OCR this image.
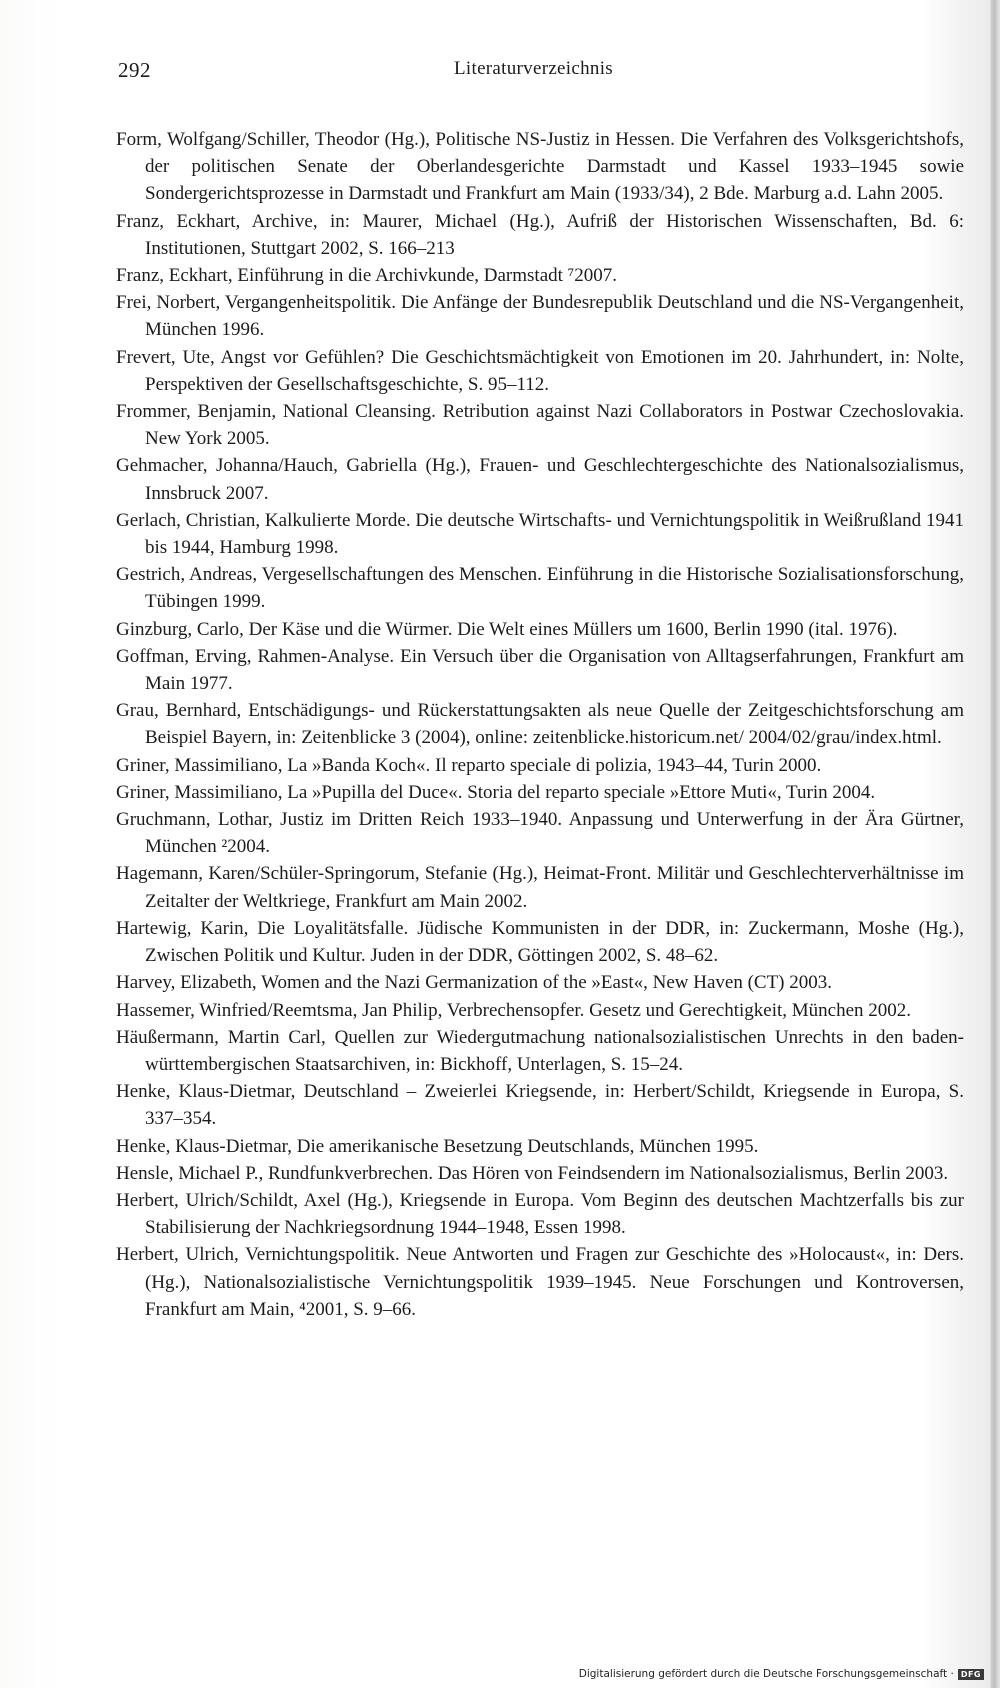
292	Literaturverzeichnis
Form, Wolfgang/Schiller, Theodor (Hg.), Politische NS-Justiz in Hessen. Die Verfahren des Volksgerichtshofs, der politischen Senate der Oberlandesgerichte Darmstadt und Kassel 1933–1945 sowie Sondergerichtsprozesse in Darmstadt und Frankfurt am Main (1933/34), 2 Bde. Marburg a.d. Lahn 2005.
Franz, Eckhart, Archive, in: Maurer, Michael (Hg.), Aufriß der Historischen Wissenschaften, Bd. 6: Institutionen, Stuttgart 2002, S. 166–213
Franz, Eckhart, Einführung in die Archivkunde, Darmstadt ⁷2007.
Frei, Norbert, Vergangenheitspolitik. Die Anfänge der Bundesrepublik Deutschland und die NS-Vergangenheit, München 1996.
Frevert, Ute, Angst vor Gefühlen? Die Geschichtsmächtigkeit von Emotionen im 20. Jahrhundert, in: Nolte, Perspektiven der Gesellschaftsgeschichte, S. 95–112.
Frommer, Benjamin, National Cleansing. Retribution against Nazi Collaborators in Postwar Czechoslovakia. New York 2005.
Gehmacher, Johanna/Hauch, Gabriella (Hg.), Frauen- und Geschlechtergeschichte des Nationalsozialismus, Innsbruck 2007.
Gerlach, Christian, Kalkulierte Morde. Die deutsche Wirtschafts- und Vernichtungspolitik in Weißrußland 1941 bis 1944, Hamburg 1998.
Gestrich, Andreas, Vergesellschaftungen des Menschen. Einführung in die Historische Sozialisationsforschung, Tübingen 1999.
Ginzburg, Carlo, Der Käse und die Würmer. Die Welt eines Müllers um 1600, Berlin 1990 (ital. 1976).
Goffman, Erving, Rahmen-Analyse. Ein Versuch über die Organisation von Alltagserfahrungen, Frankfurt am Main 1977.
Grau, Bernhard, Entschädigungs- und Rückerstattungsakten als neue Quelle der Zeitgeschichtsforschung am Beispiel Bayern, in: Zeitenblicke 3 (2004), online: zeitenblicke.historicum.net/ 2004/02/grau/index.html.
Griner, Massimiliano, La »Banda Koch«. Il reparto speciale di polizia, 1943–44, Turin 2000.
Griner, Massimiliano, La »Pupilla del Duce«. Storia del reparto speciale »Ettore Muti«, Turin 2004.
Gruchmann, Lothar, Justiz im Dritten Reich 1933–1940. Anpassung und Unterwerfung in der Ära Gürtner, München ²2004.
Hagemann, Karen/Schüler-Springorum, Stefanie (Hg.), Heimat-Front. Militär und Geschlechterverhältnisse im Zeitalter der Weltkriege, Frankfurt am Main 2002.
Hartewig, Karin, Die Loyalitätsfalle. Jüdische Kommunisten in der DDR, in: Zuckermann, Moshe (Hg.), Zwischen Politik und Kultur. Juden in der DDR, Göttingen 2002, S. 48–62.
Harvey, Elizabeth, Women and the Nazi Germanization of the »East«, New Haven (CT) 2003.
Hassemer, Winfried/Reemtsma, Jan Philip, Verbrechensopfer. Gesetz und Gerechtigkeit, München 2002.
Häußermann, Martin Carl, Quellen zur Wiedergutmachung nationalsozialistischen Unrechts in den baden-württembergischen Staatsarchiven, in: Bickhoff, Unterlagen, S. 15–24.
Henke, Klaus-Dietmar, Deutschland – Zweierlei Kriegsende, in: Herbert/Schildt, Kriegsende in Europa, S. 337–354.
Henke, Klaus-Dietmar, Die amerikanische Besetzung Deutschlands, München 1995.
Hensle, Michael P., Rundfunkverbrechen. Das Hören von Feindsendern im Nationalsozialismus, Berlin 2003.
Herbert, Ulrich/Schildt, Axel (Hg.), Kriegsende in Europa. Vom Beginn des deutschen Machtzerfalls bis zur Stabilisierung der Nachkriegsordnung 1944–1948, Essen 1998.
Herbert, Ulrich, Vernichtungspolitik. Neue Antworten und Fragen zur Geschichte des »Holocaust«, in: Ders. (Hg.), Nationalsozialistische Vernichtungspolitik 1939–1945. Neue Forschungen und Kontroversen, Frankfurt am Main, ⁴2001, S. 9–66.
Digitalisierung gefördert durch die Deutsche Forschungsgemeinschaft · DFG
